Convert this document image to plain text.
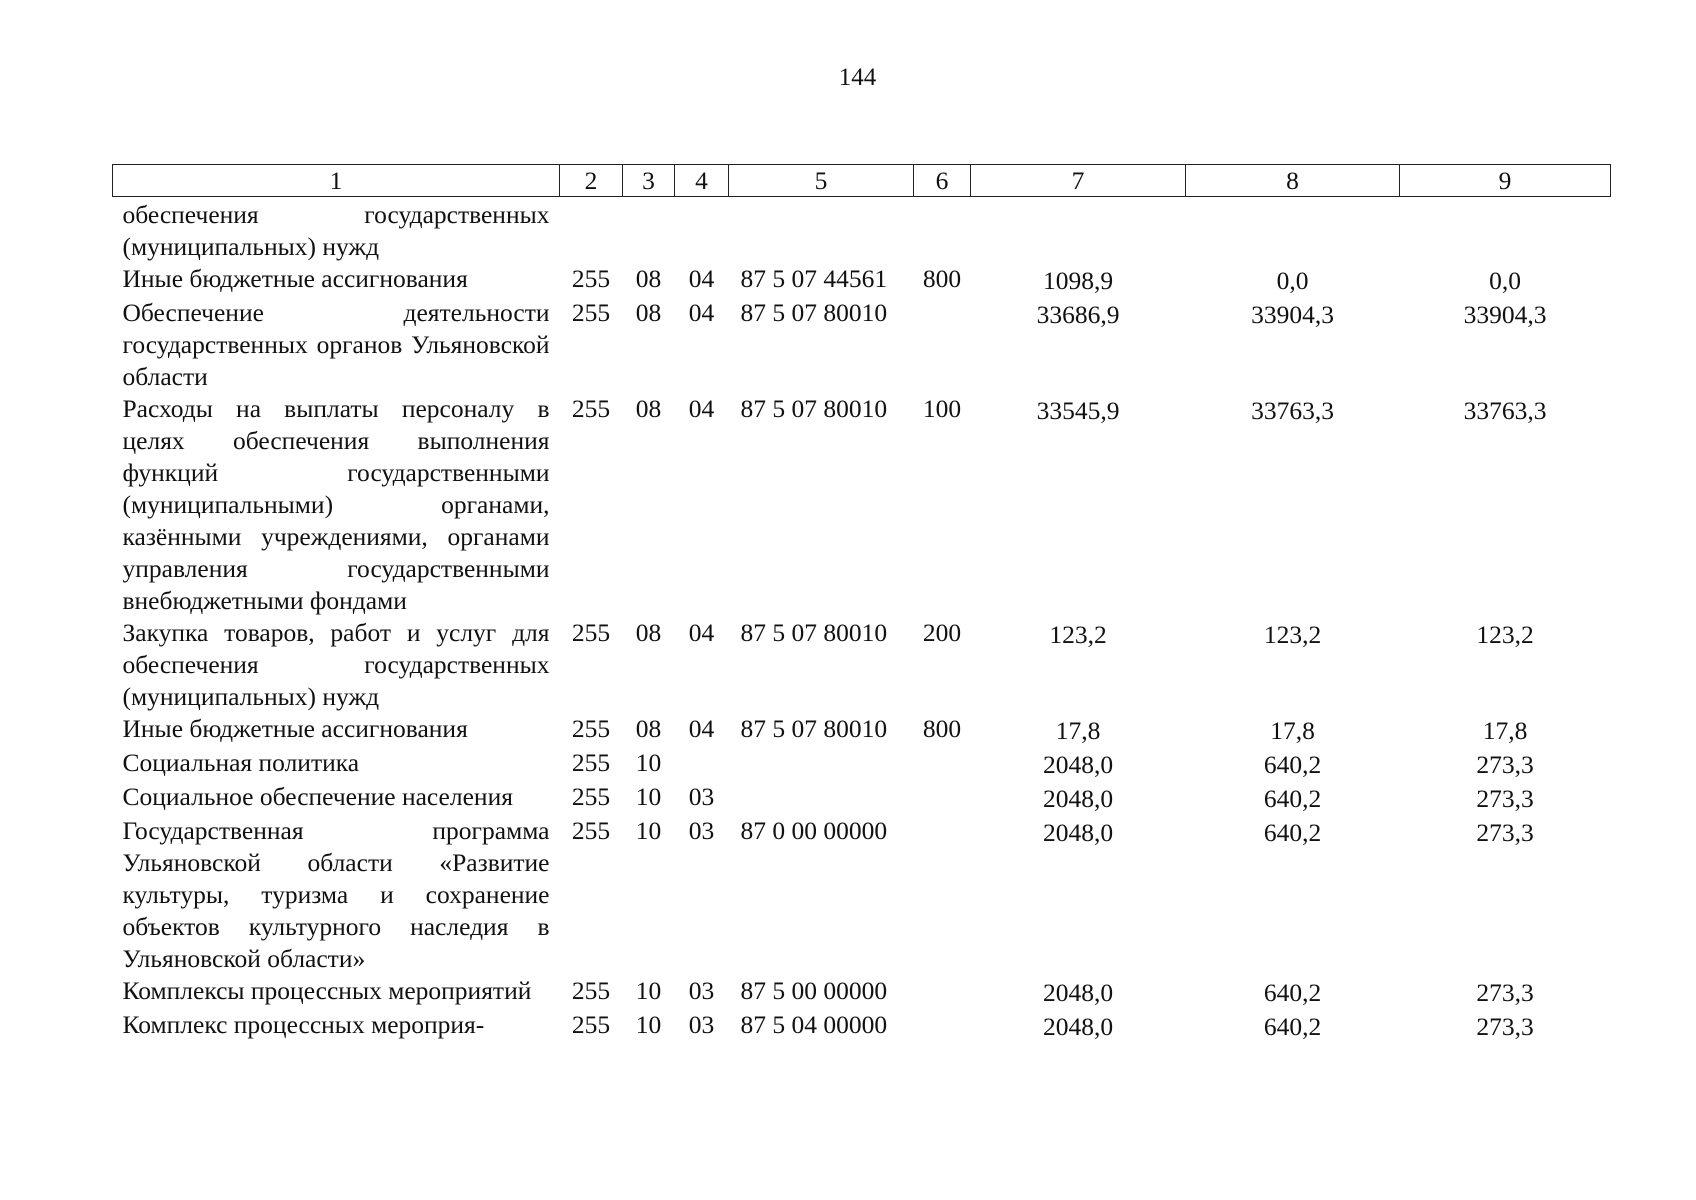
144
1	2	3	4	5	6	7	8	9
обеспечения государственных (муниципальных) нужд								
Иные бюджетные ассигнования	255	08	04	87 5 07 44561	800	1098,9	0,0	0,0
Обеспечение деятельности государственных органов Ульяновской области	255	08	04	87 5 07 80010		33686,9	33904,3	33904,3
Расходы на выплаты персоналу в целях обеспечения выполнения функций государственными (муниципальными) органами, казёнными учреждениями, органами управления государственными внебюджетными фондами	255	08	04	87 5 07 80010	100	33545,9	33763,3	33763,3
Закупка товаров, работ и услуг для обеспечения государственных (муниципальных) нужд	255	08	04	87 5 07 80010	200	123,2	123,2	123,2
Иные бюджетные ассигнования	255	08	04	87 5 07 80010	800	17,8	17,8	17,8
Социальная политика	255	10				2048,0	640,2	273,3
Социальное обеспечение населения	255	10	03			2048,0	640,2	273,3
Государственная программа Ульяновской области «Развитие культуры, туризма и сохранение объектов культурного наследия в Ульяновской области»	255	10	03	87 0 00 00000		2048,0	640,2	273,3
Комплексы процессных мероприятий	255	10	03	87 5 00 00000		2048,0	640,2	273,3
Комплекс процессных мероприя-	255	10	03	87 5 04 00000		2048,0	640,2	273,3
